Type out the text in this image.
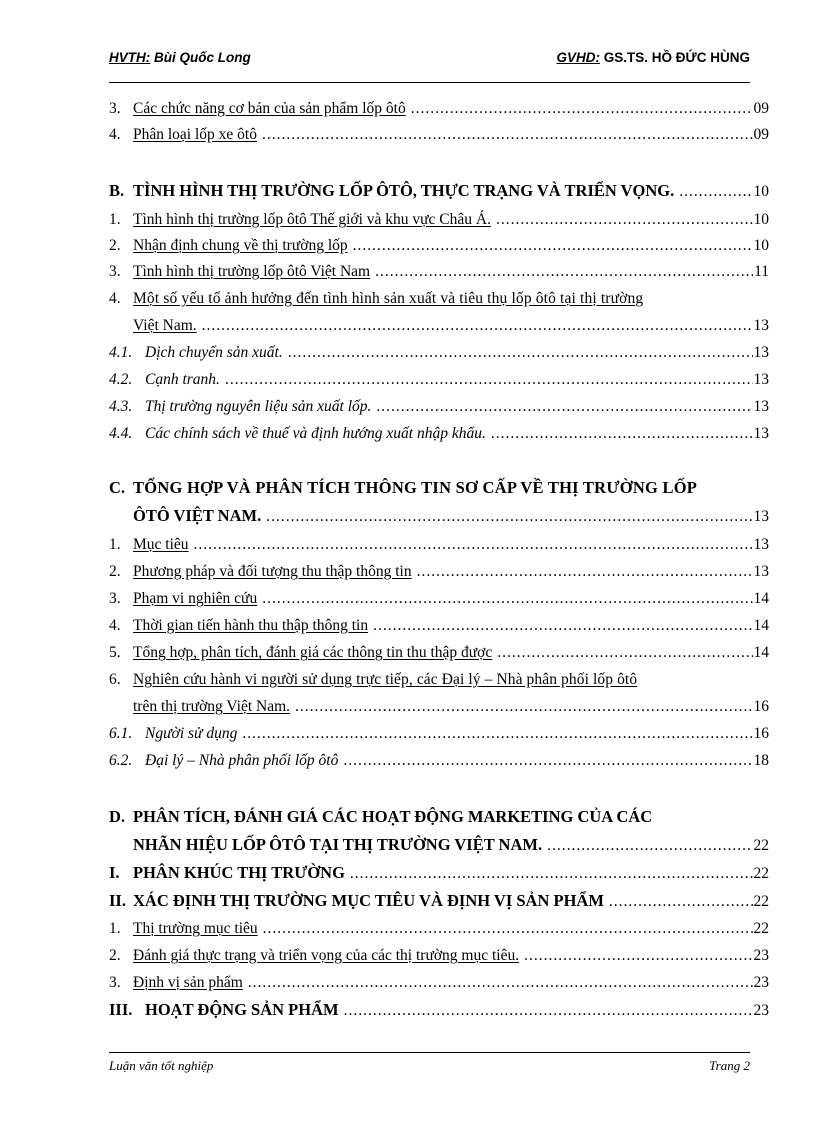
HVTH: Bùi Quốc Long	GVHD: GS.TS. HỒ ĐỨC HÙNG
3. Các chức năng cơ bản của sản phẩm lốp ôtô .....	09
4. Phân loại lốp xe ôtô .....	09
B. TÌNH HÌNH THỊ TRƯỜNG LỐP ÔTÔ, THỰC TRẠNG VÀ TRIỂN VỌNG. .....	10
1. Tình hình thị trường lốp ôtô Thế giới và khu vực Châu Á. .....	10
2. Nhận định chung về thị trường lốp .....	10
3. Tình hình thị trường lốp ôtô Việt Nam .....	11
4. Một số yếu tố ảnh hưởng đến tình hình sản xuất và tiêu thụ lốp ôtô tại thị trường
Việt Nam. .....	13
4.1. Dịch chuyển sản xuất. .....	13
4.2. Cạnh tranh. .....	13
4.3. Thị trường nguyên liệu sản xuất lốp. .....	13
4.4. Các chính sách về thuế và định hướng xuất nhập khẩu. .....	13
C. TỔNG HỢP VÀ PHÂN TÍCH THÔNG TIN SƠ CẤP VỀ THỊ TRƯỜNG LỐP
ÔTÔ VIỆT NAM. .....	13
1. Mục tiêu .....	13
2. Phương pháp và đối tượng thu thập thông tin .....	13
3. Phạm vi nghiên cứu .....	14
4. Thời gian tiến hành thu thập thông tin .....	14
5. Tổng hợp, phân tích, đánh giá các thông tin thu thập được .....	14
6. Nghiên cứu hành vi người sử dụng trực tiếp, các Đại lý – Nhà phân phối lốp ôtô
trên thị trường Việt Nam. .....	16
6.1. Người sử dụng .....	16
6.2. Đại lý – Nhà phân phối lốp ôtô .....	18
D. PHÂN TÍCH, ĐÁNH GIÁ CÁC HOẠT ĐỘNG MARKETING CỦA CÁC
NHÃN HIỆU LỐP ÔTÔ TẠI THỊ TRƯỜNG VIỆT NAM. .....	22
I. PHÂN KHÚC THỊ TRƯỜNG .....	22
II. XÁC ĐỊNH THỊ TRƯỜNG MỤC TIÊU VÀ ĐỊNH VỊ SẢN PHẨM .....	22
1. Thị trường mục tiêu .....	22
2. Đánh giá thực trạng và triển vọng của các thị trường mục tiêu. .....	23
3. Định vị sản phẩm .....	23
III. HOẠT ĐỘNG SẢN PHẨM .....	23
Luận văn tốt nghiệp	Trang 2
